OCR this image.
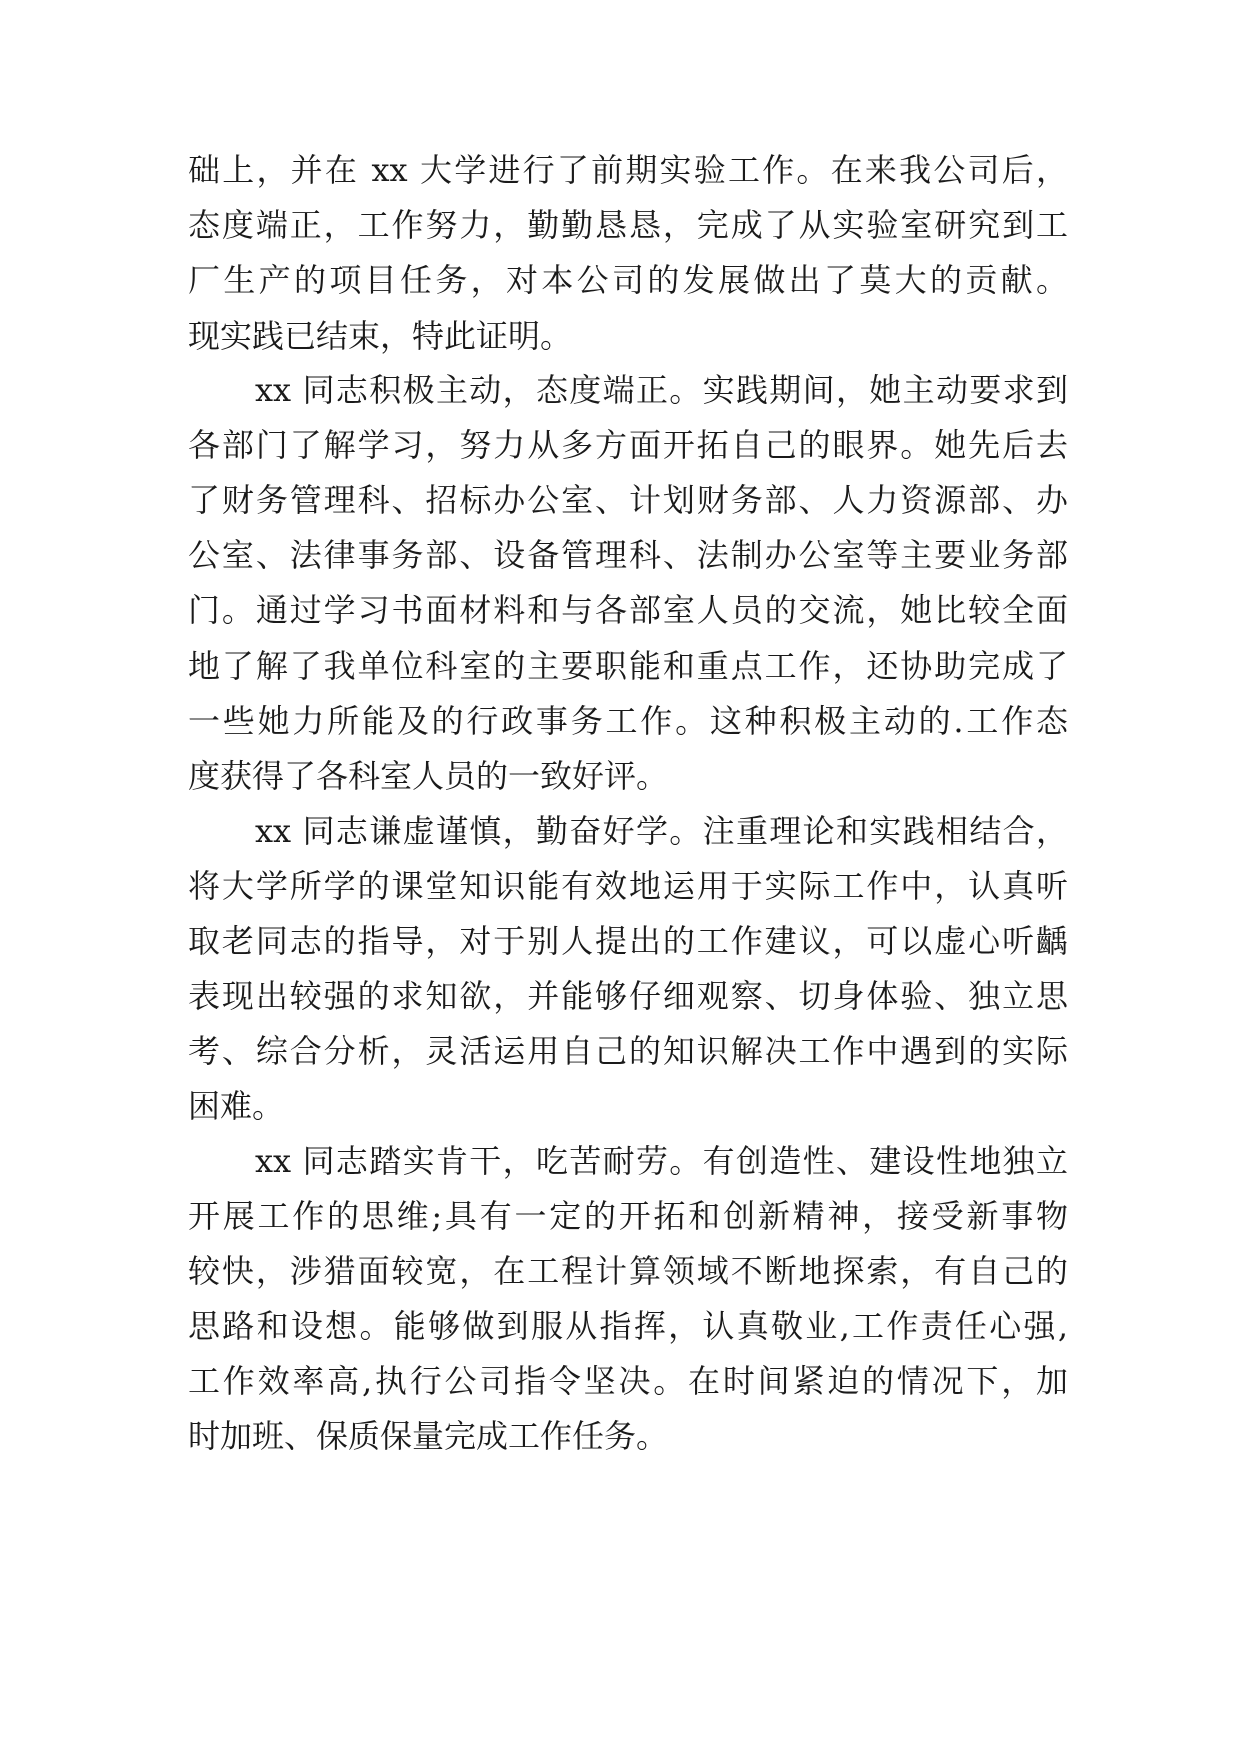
础上，并在 xx 大学进行了前期实验工作。在来我公司后，

态度端正，工作努力，勤勤恳恳，完成了从实验室研究到工

厂生产的项目任务，对本公司的发展做出了莫大的贡献。

现实践已结束，特此证明。

xx 同志积极主动，态度端正。实践期间，她主动要求到

各部门了解学习，努力从多方面开拓自己的眼界。她先后去

了财务管理科、招标办公室、计划财务部、人力资源部、办

公室、法律事务部、设备管理科、法制办公室等主要业务部

门。通过学习书面材料和与各部室人员的交流，她比较全面

地了解了我单位科室的主要职能和重点工作，还协助完成了

一些她力所能及的行政事务工作。这种积极主动的.工作态

度获得了各科室人员的一致好评。

xx 同志谦虚谨慎，勤奋好学。注重理论和实践相结合，

将大学所学的课堂知识能有效地运用于实际工作中，认真听

取老同志的指导，对于别人提出的工作建议，可以虚心听齲

表现出较强的求知欲，并能够仔细观察、切身体验、独立思

考、综合分析，灵活运用自己的知识解决工作中遇到的实际

困难。

xx 同志踏实肯干，吃苦耐劳。有创造性、建设性地独立

开展工作的思维;具有一定的开拓和创新精神，接受新事物

较快，涉猎面较宽，在工程计算领域不断地探索，有自己的

思路和设想。能够做到服从指挥，认真敬业,工作责任心强,

工作效率高,执行公司指令坚决。在时间紧迫的情况下，加

时加班、保质保量完成工作任务。
